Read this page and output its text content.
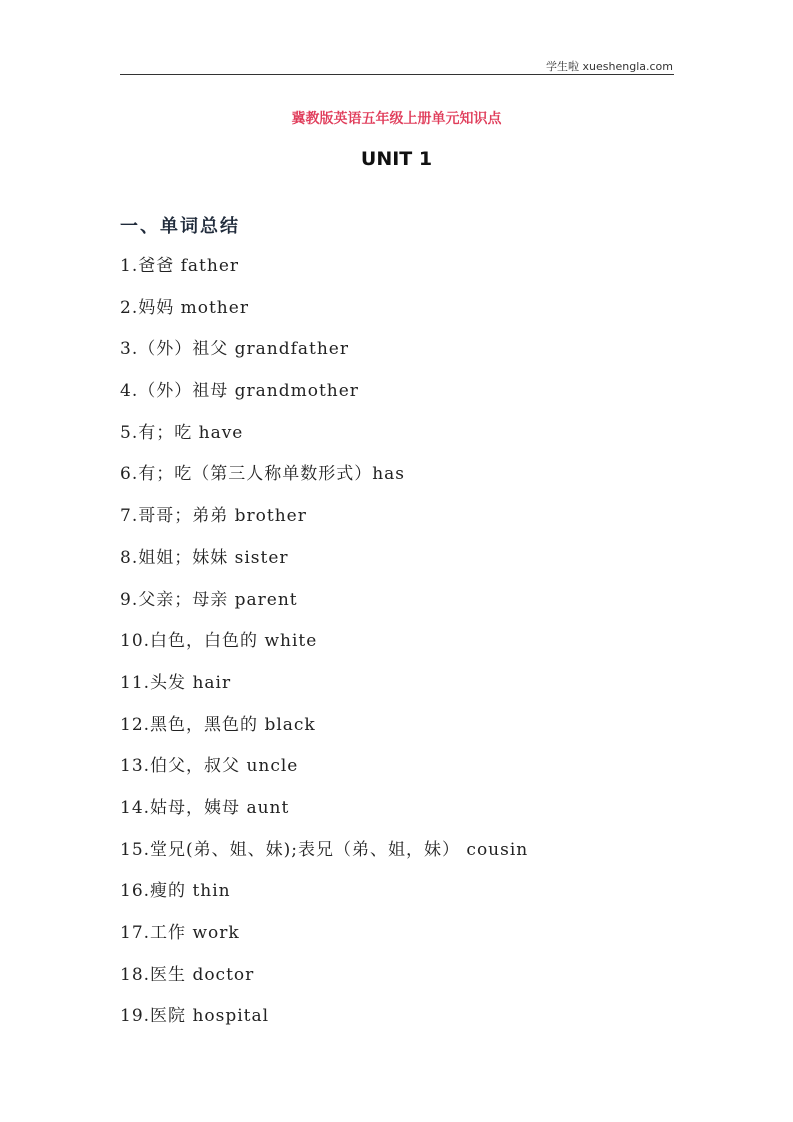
学生啦 xueshengla.com
冀教版英语五年级上册单元知识点
UNIT 1
一、单词总结
1.爸爸 father
2.妈妈 mother
3.（外）祖父 grandfather
4.（外）祖母 grandmother
5.有；吃 have
6.有；吃（第三人称单数形式）has
7.哥哥；弟弟 brother
8.姐姐；妹妹 sister
9.父亲；母亲 parent
10.白色，白色的 white
11.头发 hair
12.黑色，黑色的 black
13.伯父，叔父 uncle
14.姑母，姨母 aunt
15.堂兄(弟、姐、妹);表兄（弟、姐，妹） cousin
16.瘦的 thin
17.工作 work
18.医生 doctor
19.医院 hospital
